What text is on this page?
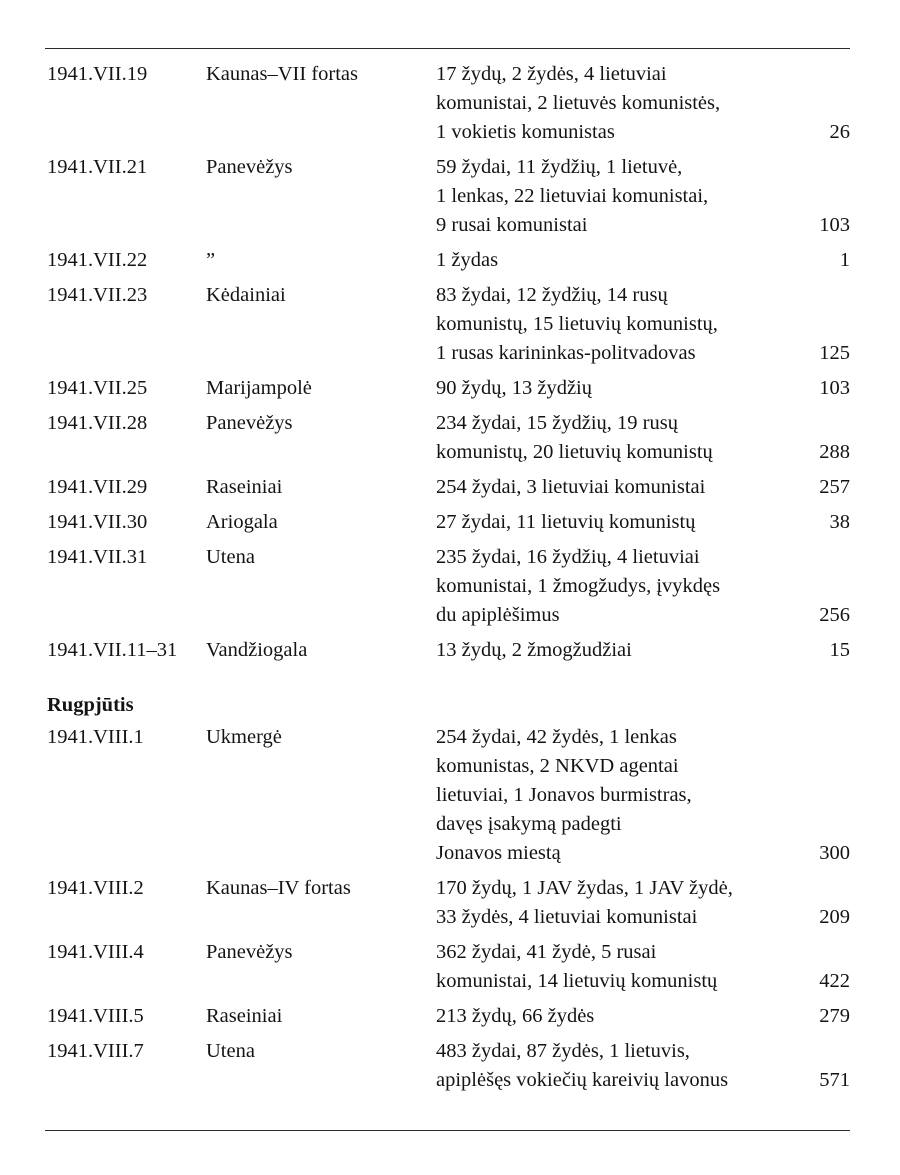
1941.VII.19	Kaunas–VII fortas	17 žydų, 2 žydės, 4 lietuviai
komunistai, 2 lietuvės komunistės,
1 vokietis komunistas	26
1941.VII.21	Panevėžys	59 žydai, 11 žydžių, 1 lietuvė,
1 lenkas, 22 lietuviai komunistai,
9 rusai komunistai	103
1941.VII.22	”	1 žydas	1
1941.VII.23	Kėdainiai	83 žydai, 12 žydžių, 14 rusų
komunistų, 15 lietuvių komunistų,
1 rusas karininkas-politvadovas	125
1941.VII.25	Marijampolė	90 žydų, 13 žydžių	103
1941.VII.28	Panevėžys	234 žydai, 15 žydžių, 19 rusų
komunistų, 20 lietuvių komunistų	288
1941.VII.29	Raseiniai	254 žydai, 3 lietuviai komunistai	257
1941.VII.30	Ariogala	27 žydai, 11 lietuvių komunistų	38
1941.VII.31	Utena	235 žydai, 16 žydžių, 4 lietuviai
komunistai, 1 žmogžudys, įvykdęs
du apiplėšimus	256
1941.VII.11–31 Vandžiogala	13 žydų, 2 žmogžudžiai	15
Rugpjūtis
1941.VIII.1	Ukmergė	254 žydai, 42 žydės, 1 lenkas
komunistas, 2 NKVD agentai
lietuviai, 1 Jonavos burmistras,
davęs įsakymą padegti
Jonavos miestą	300
1941.VIII.2	Kaunas–IV fortas	170 žydų, 1 JAV žydas, 1 JAV žydė,
33 žydės, 4 lietuviai komunistai	209
1941.VIII.4	Panevėžys	362 žydai, 41 žydė, 5 rusai
komunistai, 14 lietuvių komunistų	422
1941.VIII.5	Raseiniai	213 žydų, 66 žydės	279
1941.VIII.7	Utena	483 žydai, 87 žydės, 1 lietuvis,
apiplėšęs vokiečių kareivių lavonus	571
